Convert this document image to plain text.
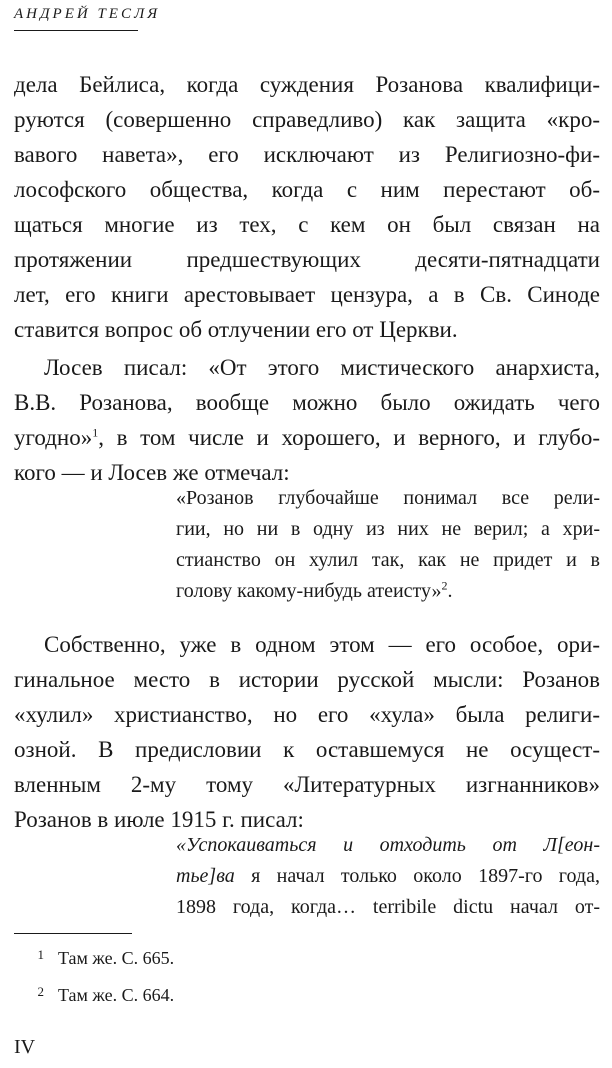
АНДРЕЙ ТЕСЛЯ
дела Бейлиса, когда суждения Розанова квалифици-
руются (совершенно справедливо) как защита «кро-
вавого навета», его исключают из Религиозно-фи-
лософского общества, когда с ним перестают об-
щаться многие из тех, с кем он был связан на
протяжении предшествующих десяти-пятнадцати
лет, его книги арестовывает цензура, а в Св. Синоде
ставится вопрос об отлучении его от Церкви.
Лосев писал: «От этого мистического анархиста,
В.В. Розанова, вообще можно было ожидать чего
угодно»$^1$, в том числе и хорошего, и верного, и глубо-
кого — и Лосев же отмечал:
«Розанов глубочайше понимал все рели-
гии, но ни в одну из них не верил; а хри-
стианство он хулил так, как не придет и в
голову какому-нибудь атеисту»$^2$.
Собственно, уже в одном этом — его особое, ори-
гинальное место в истории русской мысли: Розанов
«хулил» христианство, но его «хула» была религи-
озной. В предисловии к оставшемуся не осущест-
вленным 2-му тому «Литературных изгнанников»
Розанов в июле 1915 г. писал:
«Успокаиваться и отходить от Л[еон-
тье]ва я начал только около 1897-го года,
1898 года, когда… terribile dictu начал от-
1 Там же. С. 665.
2 Там же. С. 664.
IV
